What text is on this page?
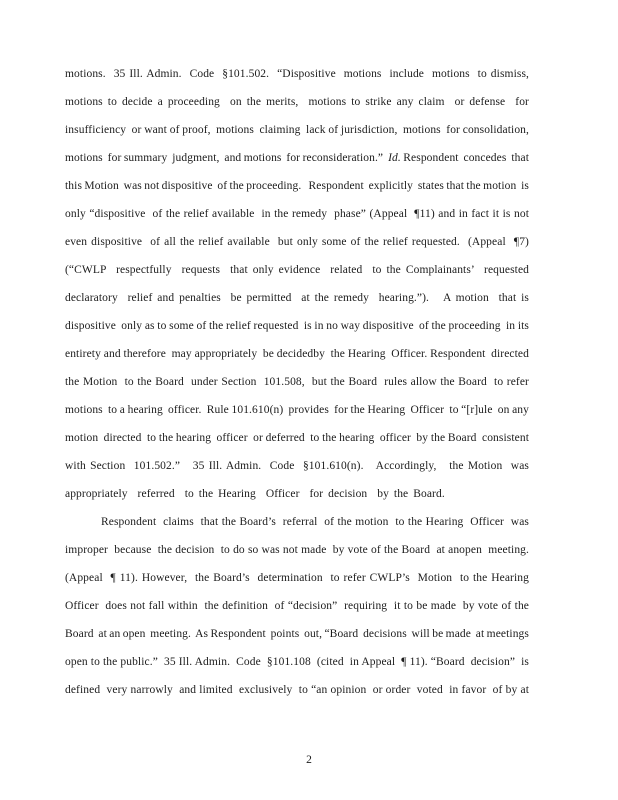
motions.  35 Ill. Admin.  Code  §101.502.  “Dispositive  motions  include  motions  to dismiss,
motions to decide a proceeding  on the merits,  motions to strike any claim  or defense  for
insufficiency  or want of proof,  motions  claiming  lack of jurisdiction,  motions  for consolidation,
motions  for summary  judgment,  and motions  for reconsideration.”  Id. Respondent  concedes  that
this Motion  was not dispositive  of the proceeding.   Respondent  explicitly  states that the motion  is
only “dispositive  of the relief available  in the remedy  phase” (Appeal  ¶11) and in fact it is not
even dispositive  of all the relief available  but only some of the relief requested.  (Appeal  ¶7)
(“CWLP  respectfully  requests  that only evidence  related  to the Complainants’  requested
declaratory  relief and penalties  be permitted  at the remedy  hearing.”).   A motion  that is
dispositive  only as to some of the relief requested  is in no way dispositive  of the proceeding  in its
entirety and therefore  may appropriately  be decidedby  the Hearing  Officer. Respondent  directed
the Motion  to the Board  under Section  101.508,  but the Board  rules allow the Board  to refer
motions  to a hearing  officer.  Rule 101.610(n)  provides  for the Hearing  Officer  to “[r]ule  on any
motion  directed  to the hearing  officer  or deferred  to the hearing  officer  by the Board  consistent
with Section  101.502.”   35 Ill. Admin.  Code  §101.610(n).   Accordingly,   the Motion  was
appropriately  referred  to the Hearing  Officer  for decision  by the Board.
Respondent  claims  that the Board’s  referral  of the motion  to the Hearing  Officer  was
improper  because  the decision  to do so was not made  by vote of the Board  at anopen  meeting.
(Appeal  ¶ 11). However,  the Board’s  determination  to refer CWLP’s  Motion  to the Hearing
Officer  does not fall within  the definition  of “decision”  requiring  it to be made  by vote of the
Board  at an open  meeting.  As Respondent  points  out, “Board  decisions  will be made  at meetings
open to the public.”  35 Ill. Admin.  Code  §101.108  (cited  in Appeal  ¶ 11). “Board  decision”  is
defined  very narrowly  and limited  exclusively  to “an opinion  or order  voted  in favor  of by at
2
